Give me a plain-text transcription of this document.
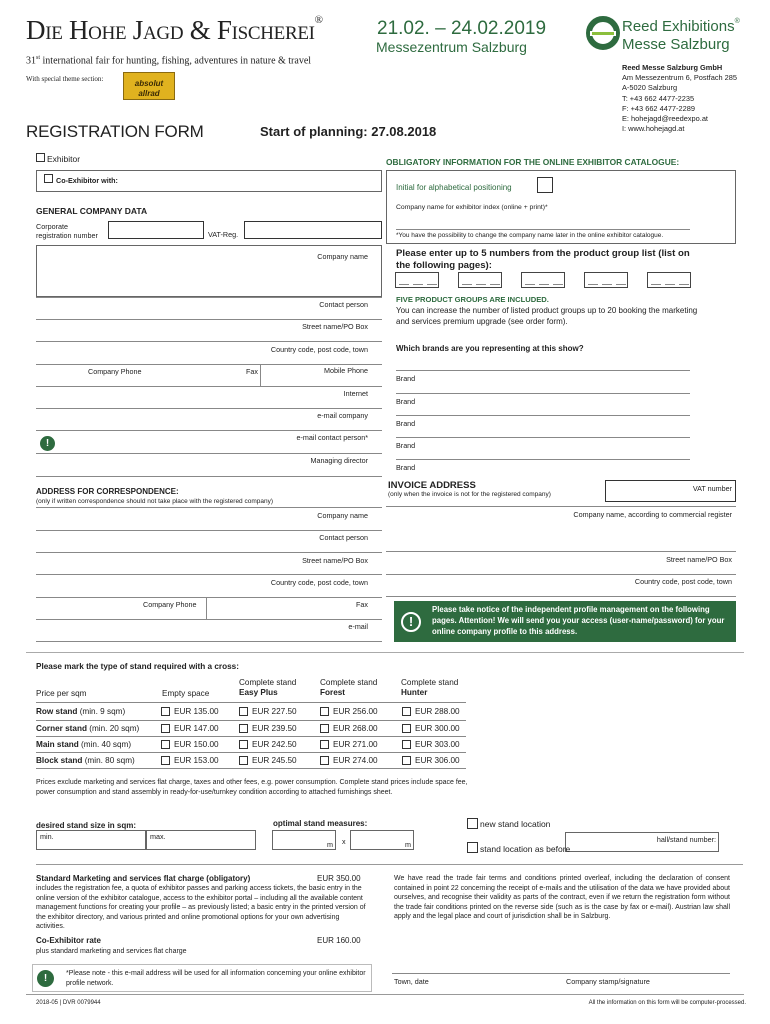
Die Hohe Jagd & Fischerei®
31st international fair for hunting, fishing, adventures in nature & travel
With special theme section:	absolut allrad
21.02. – 24.02.2019
Messezentrum Salzburg
Reed Exhibitions®
Messe Salzburg
Reed Messe Salzburg GmbH
Am Messezentrum 6, Postfach 285
A-5020 Salzburg
T: +43 662 4477-2235
F: +43 662 4477-2289
E: hohejagd@reedexpo.at
I: www.hohejagd.at
REGISTRATION FORM	Start of planning: 27.08.2018
Exhibitor
Co-Exhibitor with:
GENERAL COMPANY DATA
Corporate
registration number	VAT-Reg.
Company name
Contact person
Street name/PO Box
Country code, post code, town
Company Phone	Fax	Mobile Phone
Internet
e-mail company
!
e-mail contact person*
Managing director
ADDRESS FOR CORRESPONDENCE:
(only if written correspondence should not take place with the registered company)
Company name
Contact person
Street name/PO Box
Country code, post code, town
Company Phone	Fax
e-mail
OBLIGATORY INFORMATION FOR THE ONLINE EXHIBITOR CATALOGUE:
Initial for alphabetical positioning
Company name for exhibitor index (online + print)*
*You have the possibility to change the company name later in the online exhibitor catalogue.
Please enter up to 5 numbers from the product group list (list on the following pages):
FIVE PRODUCT GROUPS ARE INCLUDED.
You can increase the number of listed product groups up to 20 booking the marketing and services premium upgrade (see order form).
Which brands are you representing at this show?
Brand
Brand
Brand
Brand
Brand
INVOICE ADDRESS
(only when the invoice is not for the registered company)
VAT number
Company name, according to commercial register
Street name/PO Box
Country code, post code, town
!
Please take notice of the independent profile management on the following pages. Attention! We will send you your access (user-name/password) for your online company profile to this address.
Please mark the type of stand required with a cross:
Price per sqm	Empty space
Complete stand
Easy Plus
Complete stand
Forest
Complete stand
Hunter
Row stand (min. 9 sqm)	EUR 135.00	EUR 227.50	EUR 256.00	EUR 288.00
Corner stand (min. 20 sqm)	EUR 147.00	EUR 239.50	EUR 268.00	EUR 300.00
Main stand (min. 40 sqm)	EUR 150.00	EUR 242.50	EUR 271.00	EUR 303.00
Block stand (min. 80 sqm)	EUR 153.00	EUR 245.50	EUR 274.00	EUR 306.00
Prices exclude marketing and services flat charge, taxes and other fees, e.g. power consumption. Complete stand prices include space fee, power consumption and stand assembly in ready-for-use/turnkey condition according to attached furnishings sheet.
desired stand size in sqm:
min.	max.
optimal stand measures:
m x	m
new stand location
hall/stand number:
stand location as before
Standard Marketing and services flat charge (obligatory)	EUR 350.00
includes the registration fee, a quota of exhibitor passes and parking access tickets, the basic entry in the online version of the exhibitor catalogue, access to the exhibitor portal – including all the available content management functions for creating your profile – as previously listed; a basic entry in the printed version of the exhibitor directory, and various printed and online promotional options for your own advertising activities.
Co-Exhibitor rate	EUR 160.00
plus standard marketing and services flat charge
!	*Please note - this e-mail address will be used for all information concerning your online exhibitor profile network.
We have read the trade fair terms and conditions printed overleaf, including the declaration of consent contained in point 22 concerning the receipt of e-mails and the utilisation of the data we have provided about ourselves, and recognise their validity as parts of the contract, even if we return the registration form without the trade fair conditions printed on the reverse side (such as is the case by fax or e-mail). Austrian law shall apply and the legal place and court of jurisdiction shall be in Salzburg.
Town, date	Company stamp/signature
2018-05 | DVR 0079944	All the information on this form will be computer-processed.
